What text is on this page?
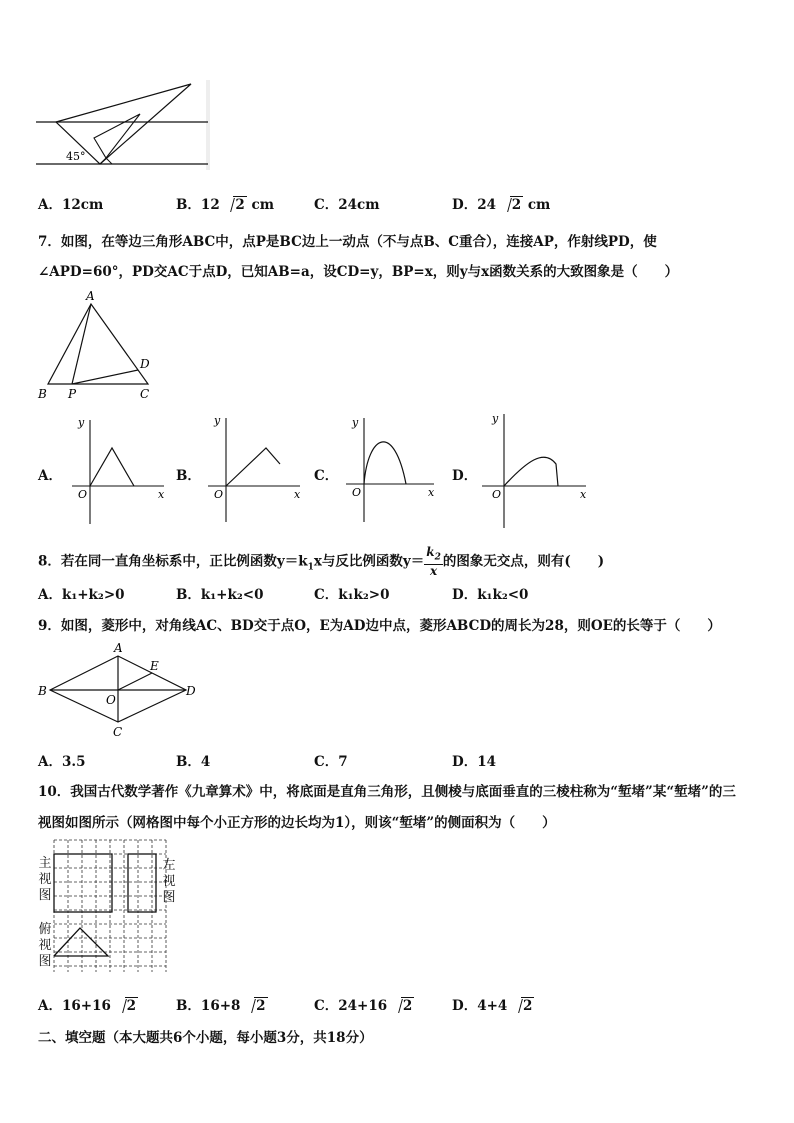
45°
A．12cm	B．12 2 cm	C．24cm	D．24 2 cm
7．如图，在等边三角形ABC中，点P是BC边上一动点（不与点B、C重合），连接AP，作射线PD，使
∠APD=60°，PD交AC于点D，已知AB=a，设CD=y，BP=x，则y与x函数关系的大致图象是（　　）
A
B P	C
D
A．
y
O	x
B．
y
O	x
C．
y
O	x
D．
y
O	x
8．若在同一直角坐标系中，正比例函数$y=k_1x$与反比例函数$y= \frac{k_2}{x}$ 的图象无交点，则有(　　)
A．k₁+k₂>0	B．k₁+k₂<0	C．k₁k₂>0	D．k₁k₂<0
9．如图，菱形中，对角线AC、BD交于点O，E为AD边中点，菱形ABCD的周长为28，则OE的长等于（　　）
A
B	D
C
E
O
A．3.5	B．4	C．7	D．14
10．我国古代数学著作《九章算术》中，将底面是直角三角形，且侧棱与底面垂直的三棱柱称为“堑堵”某“堑堵”的三
视图如图所示（网格图中每个小正方形的边长均为1），则该“堑堵”的侧面积为（　　）
主
视
图
左
视
图
俯
视
图
A．16+16 2	B．16+8 2	C．24+16 2	D．4+4 2
二、填空题（本大题共6个小题，每小题3分，共18分）
